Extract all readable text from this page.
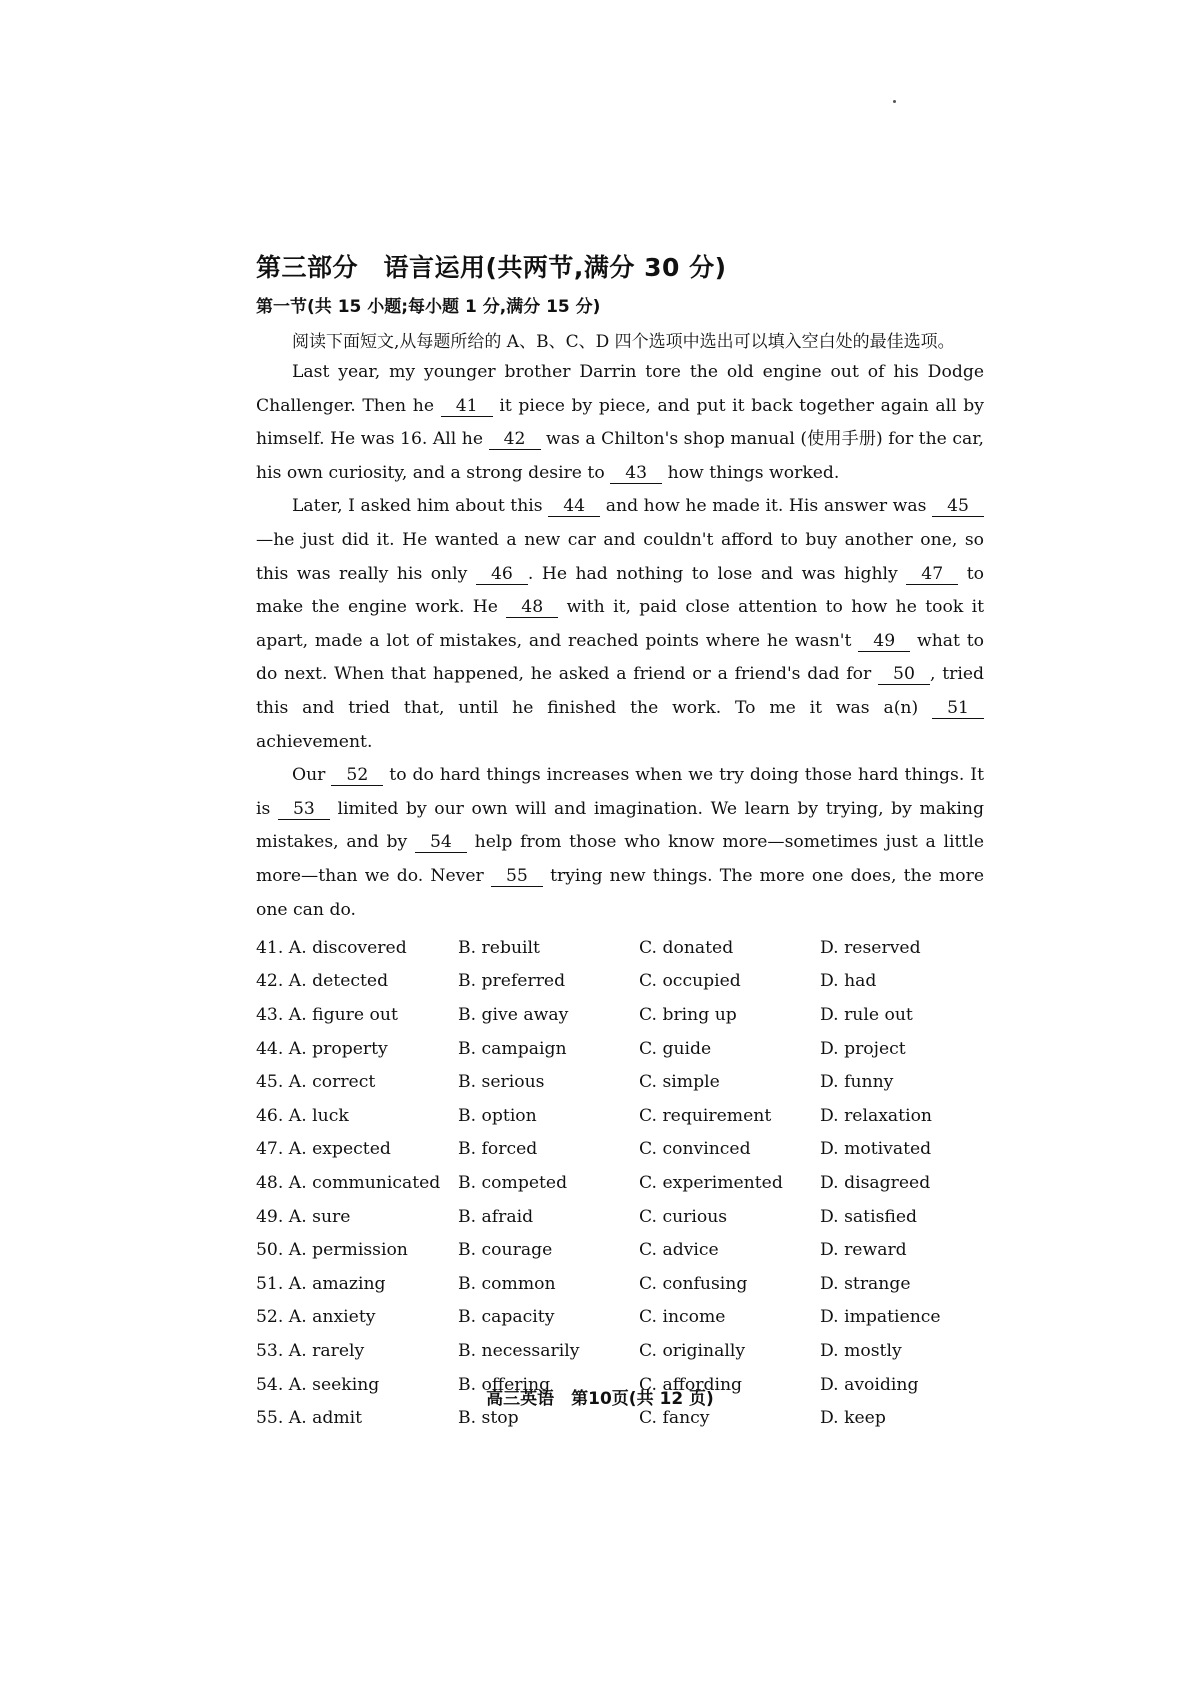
第三部分　语言运用(共两节,满分 30 分)
第一节(共 15 小题;每小题 1 分,满分 15 分)
阅读下面短文,从每题所给的 A、B、C、D 四个选项中选出可以填入空白处的最佳选项。

Last year, my younger brother Darrin tore the old engine out of his Dodge Challenger. Then he 41 it piece by piece, and put it back together again all by himself. He was 16. All he 42 was a Chilton's shop manual (使用手册) for the car, his own curiosity, and a strong desire to 43 how things worked.

Later, I asked him about this 44 and how he made it. His answer was 45—he just did it. He wanted a new car and couldn't afford to buy another one, so this was really his only 46 . He had nothing to lose and was highly 47 to make the engine work. He 48 with it, paid close attention to how he took it apart, made a lot of mistakes, and reached points where he wasn't 49 what to do next. When that happened, he asked a friend or a friend's dad for 50 , tried this and tried that, until he finished the work. To me it was a(n) 51 achievement.

Our 52 to do hard things increases when we try doing those hard things. It is 53 limited by our own will and imagination. We learn by trying, by making mistakes, and by 54 help from those who know more—sometimes just a little more—than we do. Never 55 trying new things. The more one does, the more one can do.

41. A. discovered	B. rebuilt	C. donated	D. reserved
42. A. detected	B. preferred	C. occupied	D. had
43. A. figure out	B. give away	C. bring up	D. rule out
44. A. property	B. campaign	C. guide	D. project
45. A. correct	B. serious	C. simple	D. funny
46. A. luck	B. option	C. requirement	D. relaxation
47. A. expected	B. forced	C. convinced	D. motivated
48. A. communicated	B. competed	C. experimented	D. disagreed
49. A. sure	B. afraid	C. curious	D. satisfied
50. A. permission	B. courage	C. advice	D. reward
51. A. amazing	B. common	C. confusing	D. strange
52. A. anxiety	B. capacity	C. income	D. impatience
53. A. rarely	B. necessarily	C. originally	D. mostly
54. A. seeking	B. offering	C. affording	D. avoiding
55. A. admit	B. stop	C. fancy	D. keep
高三英语　第10页(共 12 页)
